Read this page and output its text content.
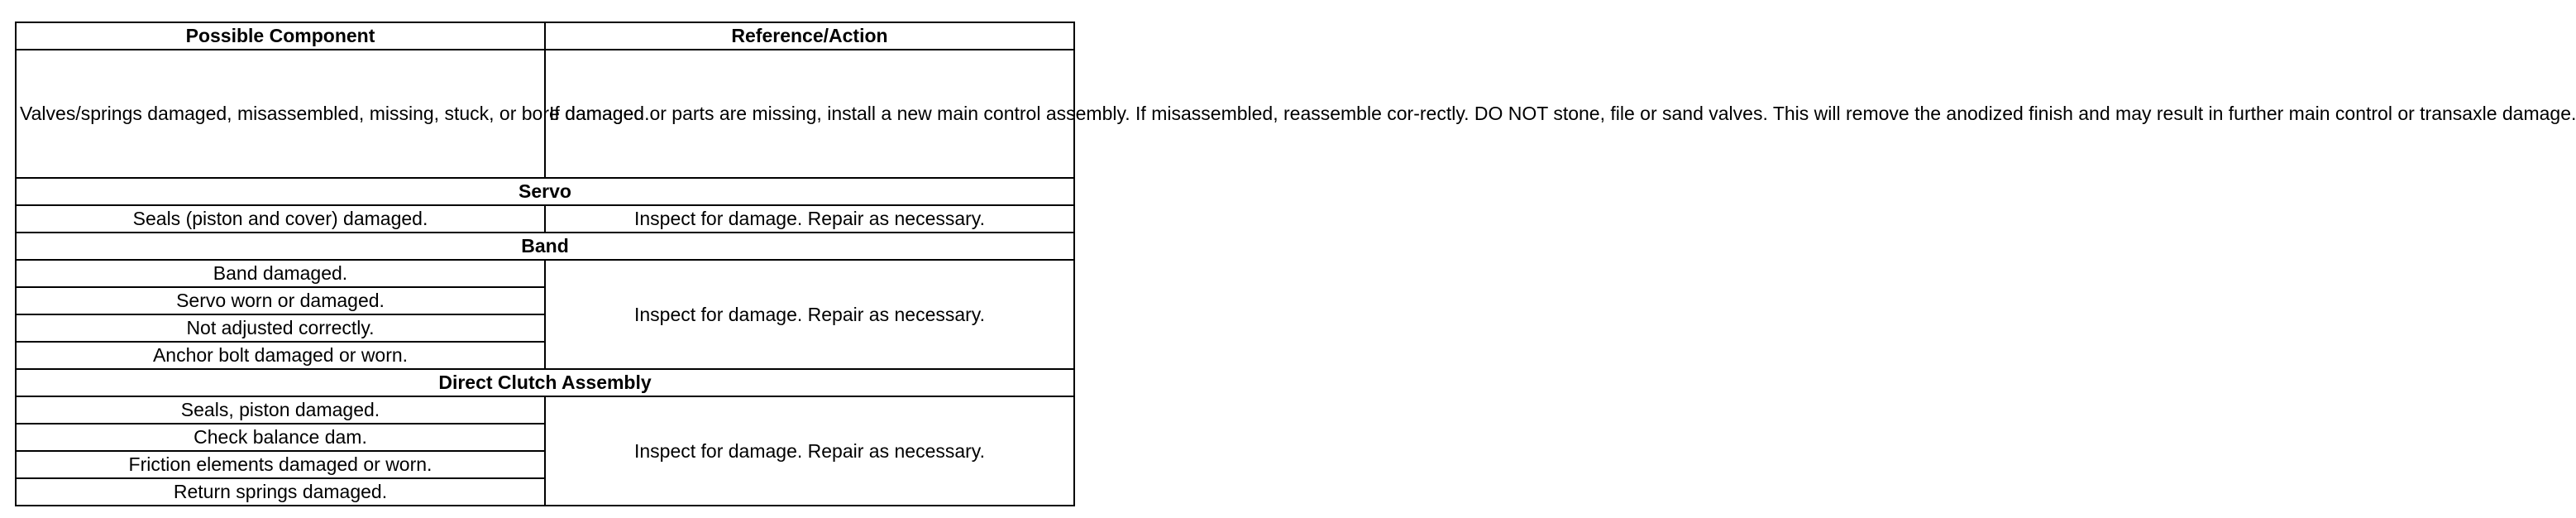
Possible Component	Reference/Action
Valves/springs damaged, misassembled, missing, stuck, or bore damaged.	If damaged or parts are missing, install a new main control assembly. If misassembled, reassemble cor-rectly. DO NOT stone, file or sand valves. This will remove the anodized finish and may result in further main control or transaxle damage.
Servo	
Seals (piston and cover) damaged.	Inspect for damage. Repair as necessary.
Band	
Band damaged.	Inspect for damage. Repair as necessary.
Servo worn or damaged.	
Not adjusted correctly.	
Anchor bolt damaged or worn.	
Direct Clutch Assembly	
Seals, piston damaged.	Inspect for damage. Repair as necessary.
Check balance dam.	
Friction elements damaged or worn.	
Return springs damaged.	
